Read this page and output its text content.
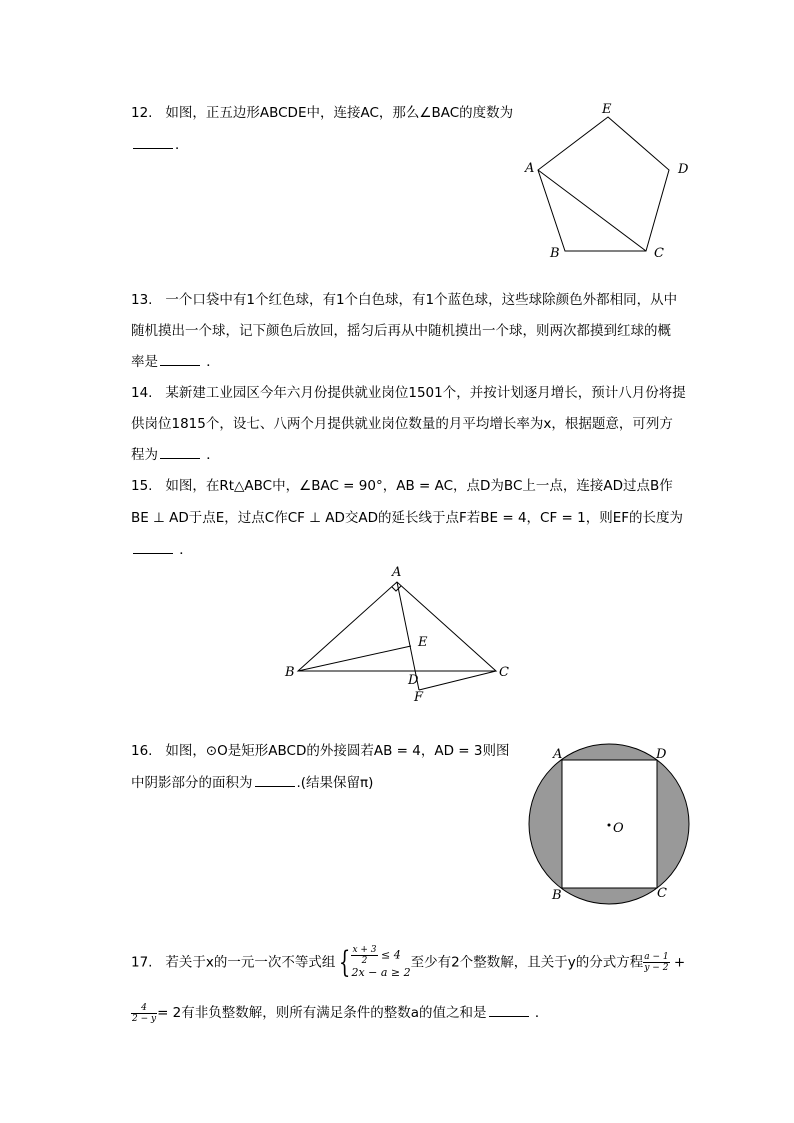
12. 如图，正五边形ABCDE中，连接AC，那么∠BAC的度数为
．
E
D
A
B	C
13. 一个口袋中有1个红色球，有1个白色球，有1个蓝色球，这些球除颜色外都相同，从中
随机摸出一个球，记下颜色后放回，摇匀后再从中随机摸出一个球，则两次都摸到红球的概
率是	．
14. 某新建工业园区今年六月份提供就业岗位1501个，并按计划逐月增长，预计八月份将提
供岗位1815个，设七、八两个月提供就业岗位数量的月平均增长率为x，根据题意，可列方
程为	．
15. 如图，在Rt△ABC中，∠BAC = 90°，AB = AC，点D为BC上一点，连接AD过点B作
BE ⊥ AD于点E，过点C作CF ⊥ AD交AD的延长线于点F若BE = 4，CF = 1，则EF的长度为
．
A
B	C
E
D
F
16. 如图，⊙O是矩形ABCD的外接圆若AB = 4，AD = 3则图
中阴影部分的面积为	.(结果保留π)
A	D
B	C
O
17. 若关于x的一元一次不等式组 { $\frac{x + 3}{2} \le 4$
2x − a ≥ 2
至少有2个整数解，且关于y的分式方程 $\frac{a - 1}{y - 2}$ +
$\frac{4}{2 - y} = 2$有非负整数解，则所有满足条件的整数a的值之和是	．
